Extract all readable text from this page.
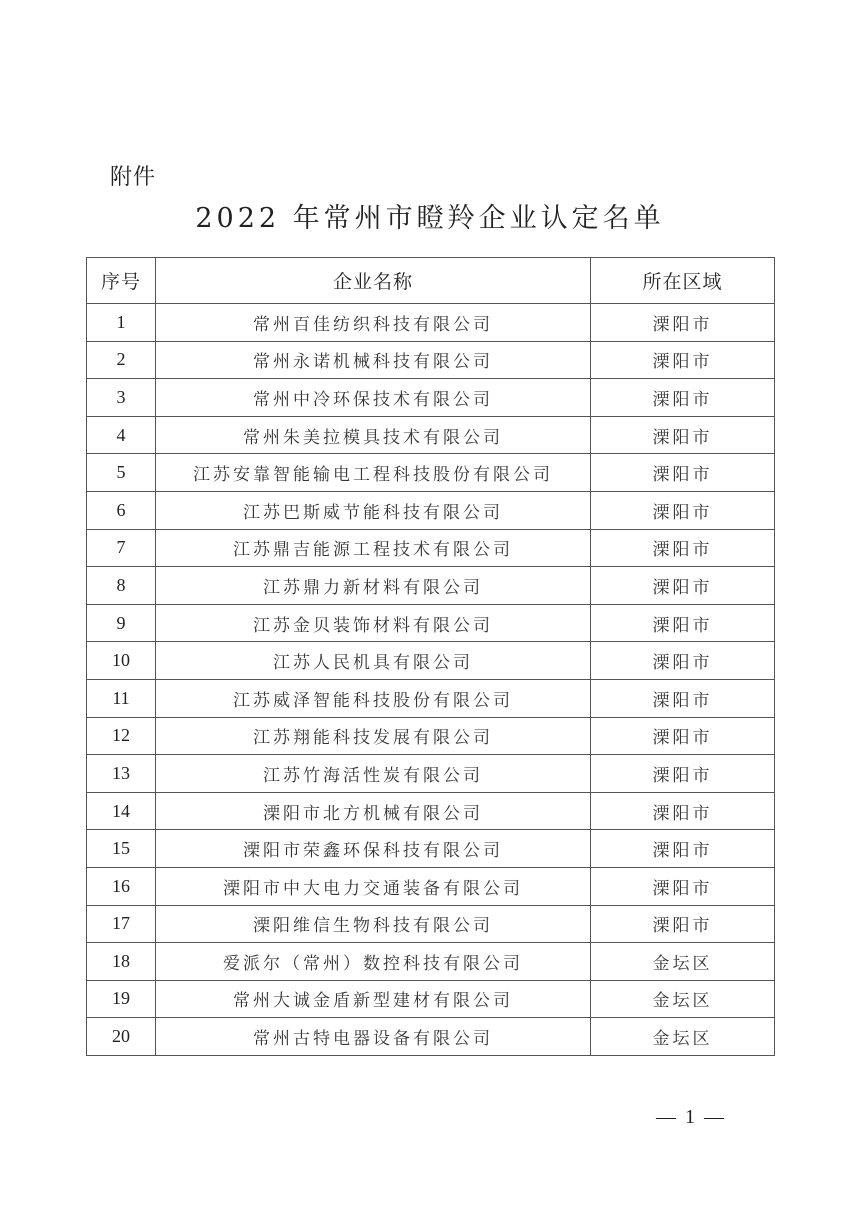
附件
2022 年常州市瞪羚企业认定名单
序号	企业名称	所在区域
1	常州百佳纺织科技有限公司	溧阳市
2	常州永诺机械科技有限公司	溧阳市
3	常州中冷环保技术有限公司	溧阳市
4	常州朱美拉模具技术有限公司	溧阳市
5	江苏安靠智能输电工程科技股份有限公司	溧阳市
6	江苏巴斯威节能科技有限公司	溧阳市
7	江苏鼎吉能源工程技术有限公司	溧阳市
8	江苏鼎力新材料有限公司	溧阳市
9	江苏金贝装饰材料有限公司	溧阳市
10	江苏人民机具有限公司	溧阳市
11	江苏威泽智能科技股份有限公司	溧阳市
12	江苏翔能科技发展有限公司	溧阳市
13	江苏竹海活性炭有限公司	溧阳市
14	溧阳市北方机械有限公司	溧阳市
15	溧阳市荣鑫环保科技有限公司	溧阳市
16	溧阳市中大电力交通装备有限公司	溧阳市
17	溧阳维信生物科技有限公司	溧阳市
18	爱派尔（常州）数控科技有限公司	金坛区
19	常州大诚金盾新型建材有限公司	金坛区
20	常州古特电器设备有限公司	金坛区
— 1 —
